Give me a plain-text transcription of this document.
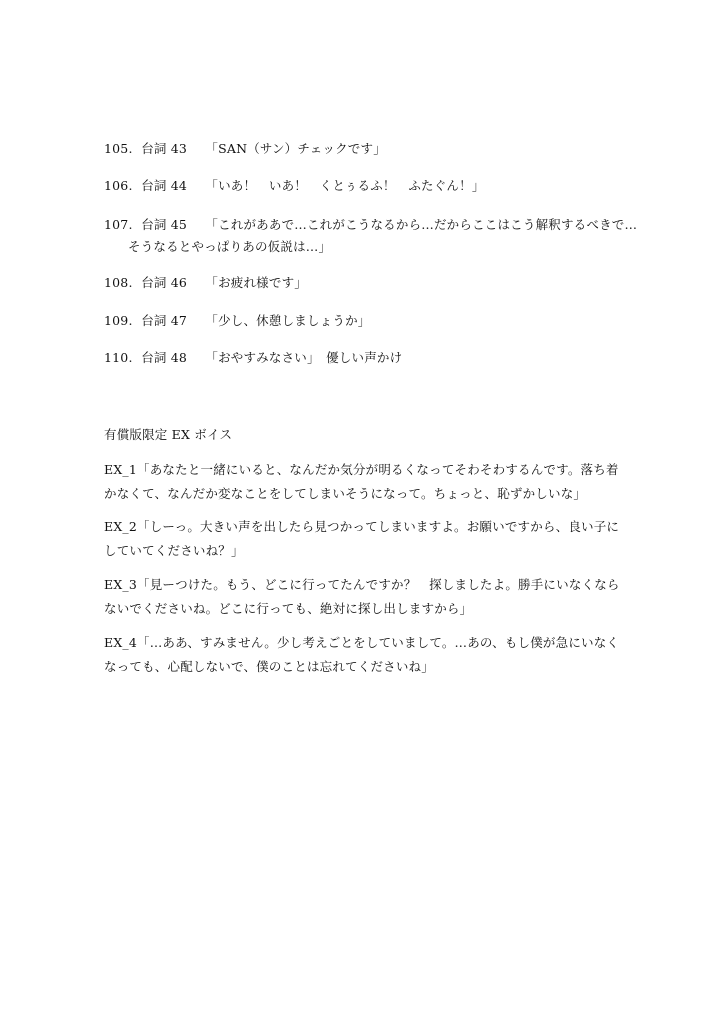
105. 台詞 43 「SAN（サン）チェックです」
106. 台詞 44 「いあ！　いあ！　くとぅるふ！　ふたぐん！」
107. 台詞 45 「これがああで…これがこうなるから…だからここはこう解釈するべきで…
そうなるとやっぱりあの仮説は…」
108. 台詞 46 「お疲れ様です」
109. 台詞 47 「少し、休憩しましょうか」
110. 台詞 48 「おやすみなさい」　優しい声かけ
有償版限定 EX ボイス
EX_1「あなたと一緒にいると、なんだか気分が明るくなってそわそわするんです。落ち着
かなくて、なんだか変なことをしてしまいそうになって。ちょっと、恥ずかしいな」
EX_2「しーっ。大きい声を出したら見つかってしまいますよ。お願いですから、良い子に
していてくださいね？」
EX_3「見ーつけた。もう、どこに行ってたんですか？　探しましたよ。勝手にいなくなら
ないでくださいね。どこに行っても、絶対に探し出しますから」
EX_4「…ああ、すみません。少し考えごとをしていまして。…あの、もし僕が急にいなく
なっても、心配しないで、僕のことは忘れてくださいね」
